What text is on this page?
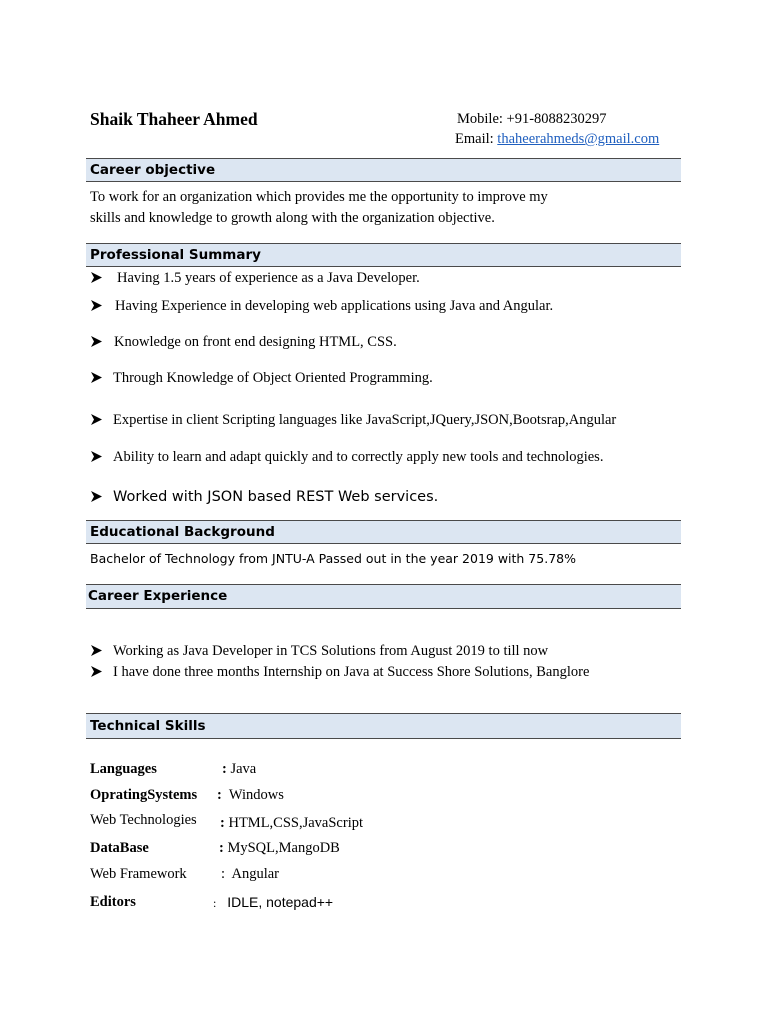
Shaik Thaheer Ahmed	Mobile: +91-8088230297
Email: thaheerahmeds@gmail.com
Career objective
To work for an organization which provides me the opportunity to improve my
skills and knowledge to growth along with the organization objective.
Professional Summary
Having 1.5 years of experience as a Java Developer.
Having Experience in developing web applications using Java and Angular.
Knowledge on front end designing HTML, CSS.
Through Knowledge of Object Oriented Programming.
Expertise in client Scripting languages like JavaScript,JQuery,JSON,Bootsrap,Angular
Ability to learn and adapt quickly and to correctly apply new tools and technologies.
Worked with JSON based REST Web services.
Educational Background
Bachelor of Technology from JNTU-A Passed out in the year 2019 with 75.78%
Career Experience
Working as Java Developer in TCS Solutions from August 2019 to till now
I have done three months Internship on Java at Success Shore Solutions, Banglore
Technical Skills
Languages	: Java
OpratingSystems : Windows
Web Technologies : HTML,CSS,JavaScript
DataBase	: MySQL,MangoDB
Web Framework : Angular
Editors	: IDLE, notepad++
